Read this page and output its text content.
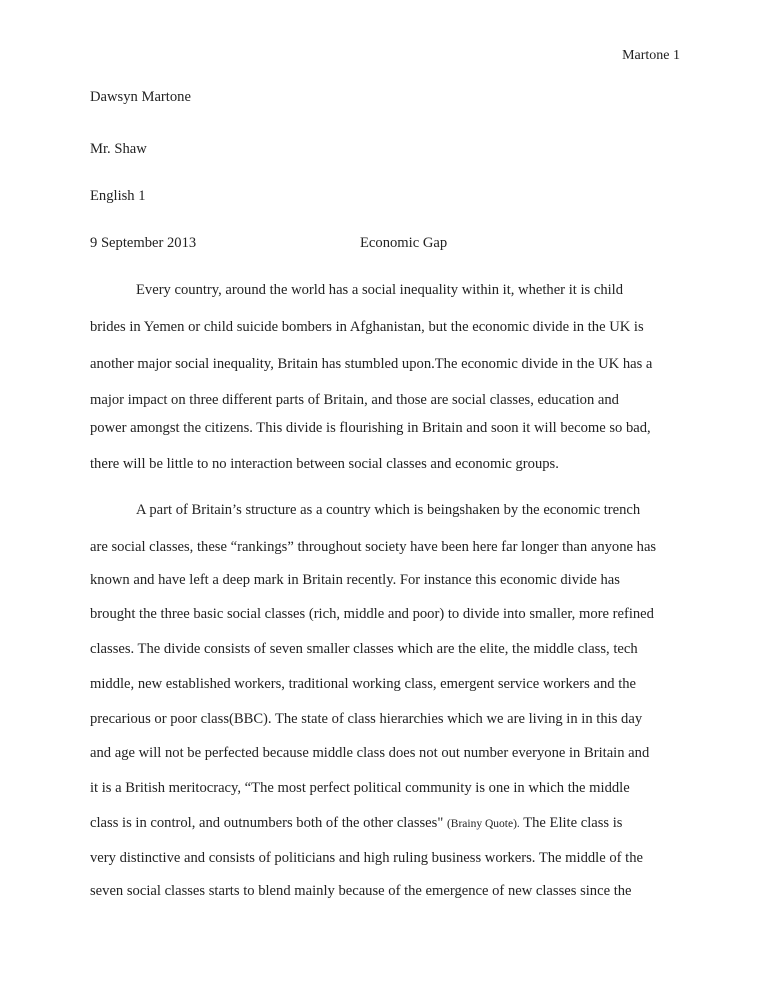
Martone 1
Dawsyn Martone
Mr. Shaw
English 1
9 September 2013	Economic Gap
Every country, around the world has a social inequality within it, whether it is child
brides in Yemen or child suicide bombers in Afghanistan, but the economic divide in the UK is
another major social inequality, Britain has stumbled upon.The economic divide in the UK has a
major impact on three different parts of Britain, and those are social classes, education and
power amongst the citizens. This divide is flourishing in Britain and soon it will become so bad,
there will be little to no interaction between social classes and economic groups.
A part of Britain’s structure as a country which is beingshaken by the economic trench
are social classes, these “rankings” throughout society have been here far longer than anyone has
known and have left a deep mark in Britain recently. For instance this economic divide has
brought the three basic social classes (rich, middle and poor) to divide into smaller, more refined
classes. The divide consists of seven smaller classes which are the elite, the middle class, tech
middle, new established workers, traditional working class, emergent service workers and the
precarious or poor class(BBC). The state of class hierarchies which we are living in in this day
and age will not be perfected because middle class does not out number everyone in Britain and
it is a British meritocracy, “The most perfect political community is one in which the middle
class is in control, and outnumbers both of the other classes" (Brainy Quote). The Elite class is
very distinctive and consists of politicians and high ruling business workers. The middle of the
seven social classes starts to blend mainly because of the emergence of new classes since the
